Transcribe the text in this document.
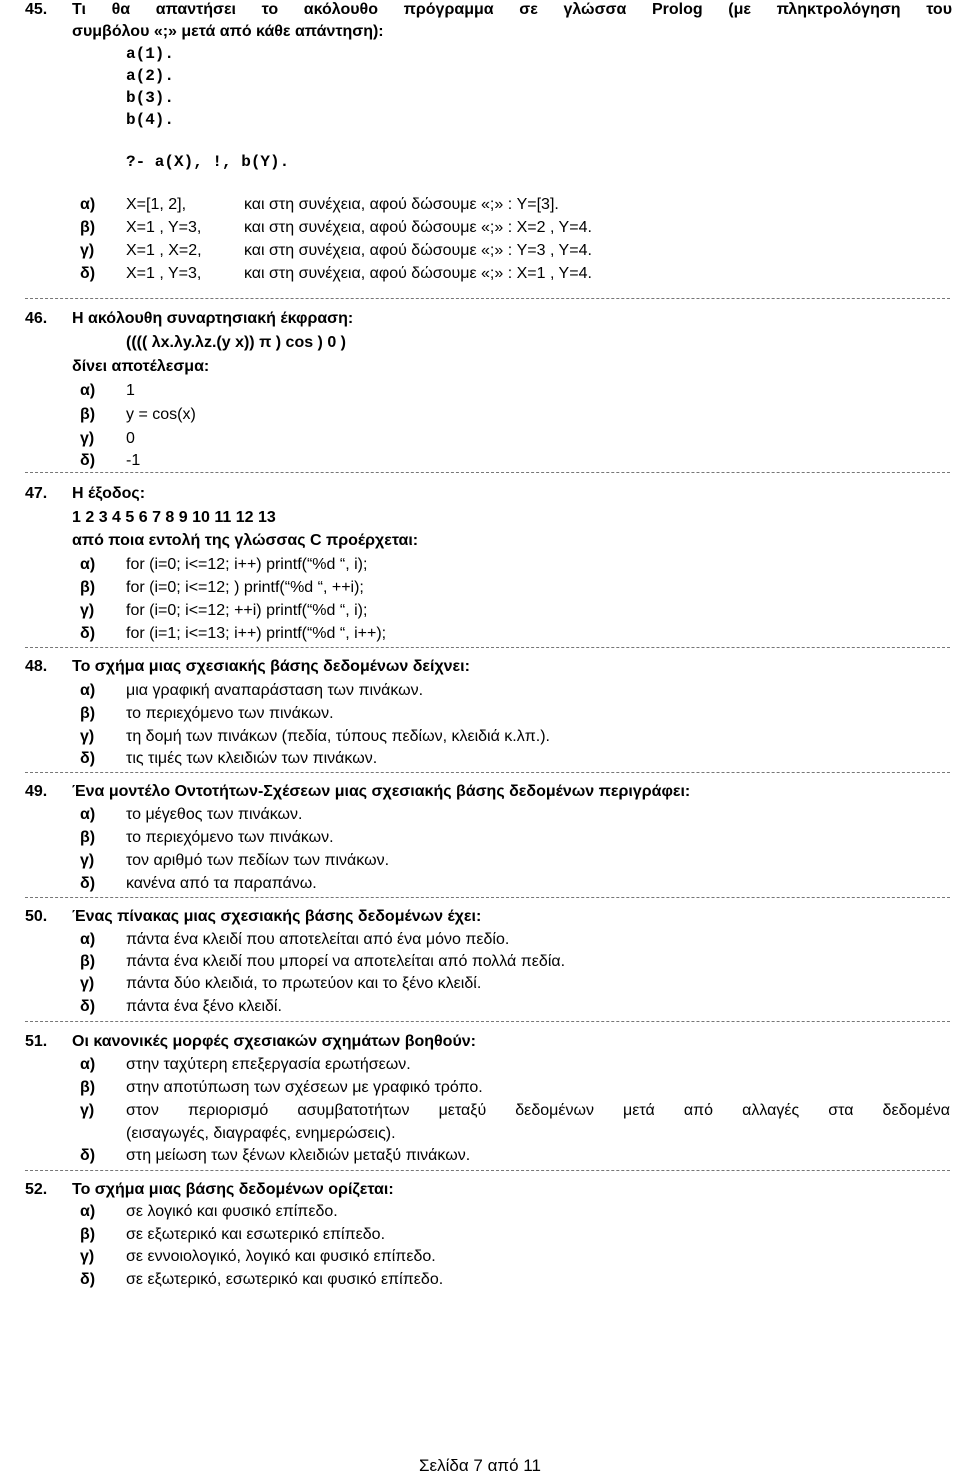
45. Τι θα απαντήσει το ακόλουθο πρόγραμμα σε γλώσσα Prolog (με πληκτρολόγηση του
συμβόλου «;» μετά από κάθε απάντηση):
a(1).
a(2).
b(3).
b(4).
?- a(X), !, b(Y).
α) X=[1, 2],	και στη συνέχεια, αφού δώσουμε «;» : Y=[3].
β) X=1 , Y=3,	και στη συνέχεια, αφού δώσουμε «;» : X=2 , Y=4.
γ) X=1 , X=2,	και στη συνέχεια, αφού δώσουμε «;» : Y=3 , Y=4.
δ) X=1 , Y=3,	και στη συνέχεια, αφού δώσουμε «;» : X=1 , Y=4.
46. Η ακόλουθη συναρτησιακή έκφραση:
(((( λx.λy.λz.(y x)) π ) cos ) 0 )
δίνει αποτέλεσμα:
α) 1
β) y = cos(x)
γ) 0
δ) -1
47. Η έξοδος:
1 2 3 4 5 6 7 8 9 10 11 12 13
από ποια εντολή της γλώσσας C προέρχεται:
α) for (i=0; i<=12; i++) printf(“%d “, i);
β) for (i=0; i<=12; ) printf(“%d “, ++i);
γ) for (i=0; i<=12; ++i) printf(“%d “, i);
δ) for (i=1; i<=13; i++) printf(“%d “, i++);
48. Το σχήμα μιας σχεσιακής βάσης δεδομένων δείχνει:
α) μια γραφική αναπαράσταση των πινάκων.
β) το περιεχόμενο των πινάκων.
γ) τη δομή των πινάκων (πεδία, τύπους πεδίων, κλειδιά κ.λπ.).
δ) τις τιμές των κλειδιών των πινάκων.
49. Ένα μοντέλο Οντοτήτων-Σχέσεων μιας σχεσιακής βάσης δεδομένων περιγράφει:
α) το μέγεθος των πινάκων.
β) το περιεχόμενο των πινάκων.
γ) τον αριθμό των πεδίων των πινάκων.
δ) κανένα από τα παραπάνω.
50. Ένας πίνακας μιας σχεσιακής βάσης δεδομένων έχει:
α) πάντα ένα κλειδί που αποτελείται από ένα μόνο πεδίο.
β) πάντα ένα κλειδί που μπορεί να αποτελείται από πολλά πεδία.
γ) πάντα δύο κλειδιά, το πρωτεύον και το ξένο κλειδί.
δ) πάντα ένα ξένο κλειδί.
51. Οι κανονικές μορφές σχεσιακών σχημάτων βοηθούν:
α) στην ταχύτερη επεξεργασία ερωτήσεων.
β) στην αποτύπωση των σχέσεων με γραφικό τρόπο.
γ) στον περιορισμό ασυμβατοτήτων μεταξύ δεδομένων μετά από αλλαγές στα δεδομένα
(εισαγωγές, διαγραφές, ενημερώσεις).
δ) στη μείωση των ξένων κλειδιών μεταξύ πινάκων.
52. Το σχήμα μιας βάσης δεδομένων ορίζεται:
α) σε λογικό και φυσικό επίπεδο.
β) σε εξωτερικό και εσωτερικό επίπεδο.
γ) σε εννοιολογικό, λογικό και φυσικό επίπεδο.
δ) σε εξωτερικό, εσωτερικό και φυσικό επίπεδο.
Σελίδα 7 από 11
